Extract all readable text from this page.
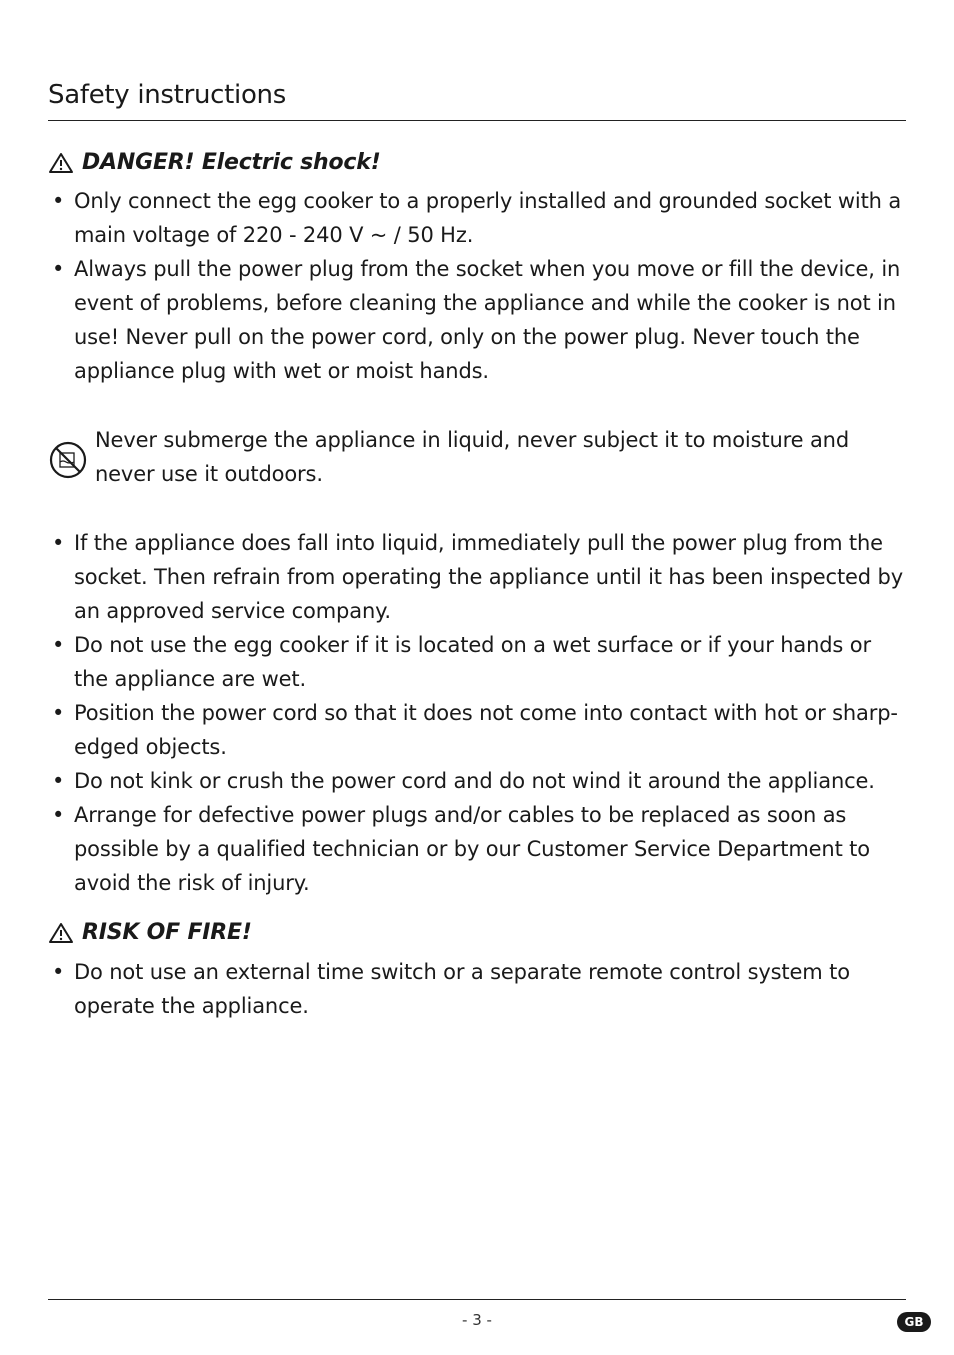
Safety instructions
DANGER! Electric shock!
• Only connect the egg cooker to a properly installed and grounded socket with a main voltage of 220 - 240 V ~ / 50 Hz.
• Always pull the power plug from the socket when you move or fill the device, in event of problems, before cleaning the appliance and while the cooker is not in use! Never pull on the power cord, only on the power plug. Never touch the appliance plug with wet or moist hands.
Never submerge the appliance in liquid, never subject it to moisture and never use it outdoors.
• If the appliance does fall into liquid, immediately pull the power plug from the socket. Then refrain from operating the appliance until it has been inspected by an approved service company.
• Do not use the egg cooker if it is located on a wet surface or if your hands or the appliance are wet.
• Position the power cord so that it does not come into contact with hot or sharp-edged objects.
• Do not kink or crush the power cord and do not wind it around the appliance.
• Arrange for defective power plugs and/or cables to be replaced as soon as possible by a qualified technician or by our Customer Service Department to avoid the risk of injury.
RISK OF FIRE!
• Do not use an external time switch or a separate remote control system to operate the appliance.
- 3 -	GB
